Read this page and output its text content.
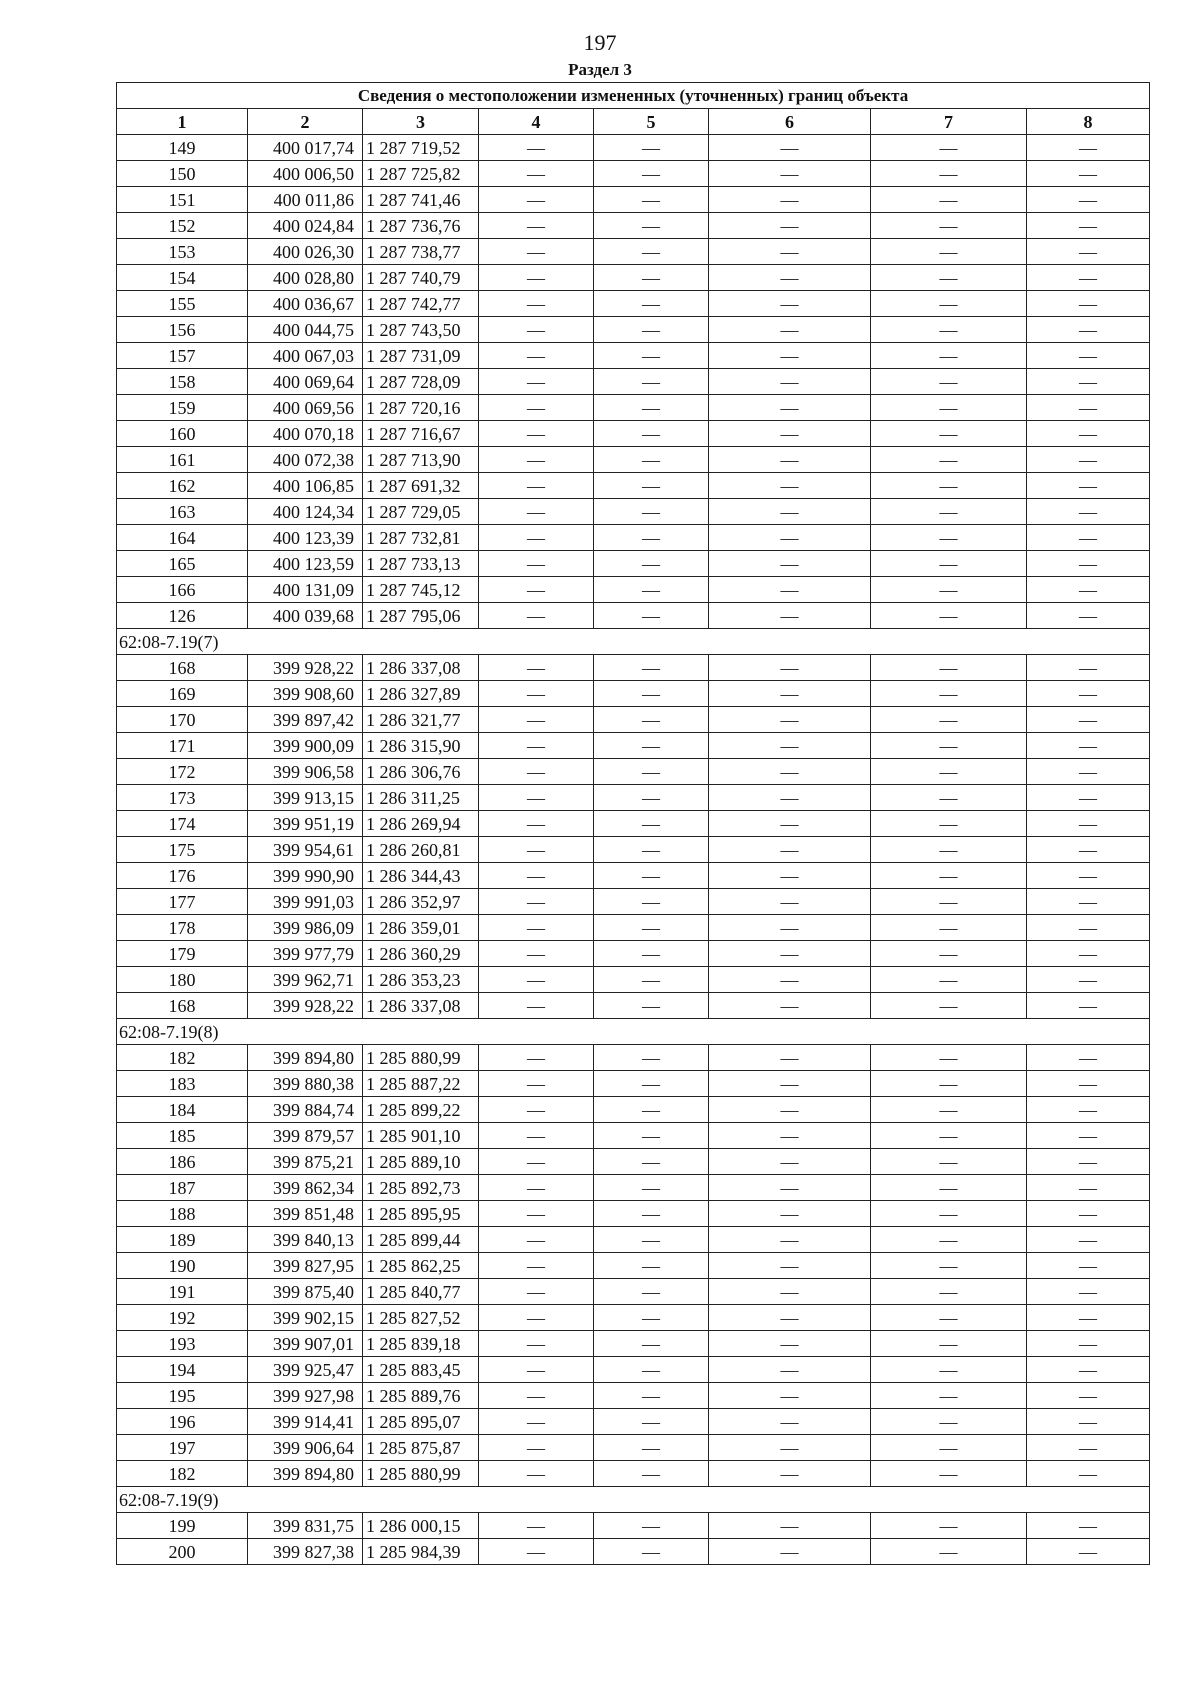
197
Раздел 3
Сведения о местоположении измененных (уточненных) границ объекта							
1	2	3	4	5	6	7	8
149	400 017,74	1 287 719,52	—	—	—	—	—
150	400 006,50	1 287 725,82	—	—	—	—	—
151	400 011,86	1 287 741,46	—	—	—	—	—
152	400 024,84	1 287 736,76	—	—	—	—	—
153	400 026,30	1 287 738,77	—	—	—	—	—
154	400 028,80	1 287 740,79	—	—	—	—	—
155	400 036,67	1 287 742,77	—	—	—	—	—
156	400 044,75	1 287 743,50	—	—	—	—	—
157	400 067,03	1 287 731,09	—	—	—	—	—
158	400 069,64	1 287 728,09	—	—	—	—	—
159	400 069,56	1 287 720,16	—	—	—	—	—
160	400 070,18	1 287 716,67	—	—	—	—	—
161	400 072,38	1 287 713,90	—	—	—	—	—
162	400 106,85	1 287 691,32	—	—	—	—	—
163	400 124,34	1 287 729,05	—	—	—	—	—
164	400 123,39	1 287 732,81	—	—	—	—	—
165	400 123,59	1 287 733,13	—	—	—	—	—
166	400 131,09	1 287 745,12	—	—	—	—	—
126	400 039,68	1 287 795,06	—	—	—	—	—
62:08-7.19(7)							
168	399 928,22	1 286 337,08	—	—	—	—	—
169	399 908,60	1 286 327,89	—	—	—	—	—
170	399 897,42	1 286 321,77	—	—	—	—	—
171	399 900,09	1 286 315,90	—	—	—	—	—
172	399 906,58	1 286 306,76	—	—	—	—	—
173	399 913,15	1 286 311,25	—	—	—	—	—
174	399 951,19	1 286 269,94	—	—	—	—	—
175	399 954,61	1 286 260,81	—	—	—	—	—
176	399 990,90	1 286 344,43	—	—	—	—	—
177	399 991,03	1 286 352,97	—	—	—	—	—
178	399 986,09	1 286 359,01	—	—	—	—	—
179	399 977,79	1 286 360,29	—	—	—	—	—
180	399 962,71	1 286 353,23	—	—	—	—	—
168	399 928,22	1 286 337,08	—	—	—	—	—
62:08-7.19(8)							
182	399 894,80	1 285 880,99	—	—	—	—	—
183	399 880,38	1 285 887,22	—	—	—	—	—
184	399 884,74	1 285 899,22	—	—	—	—	—
185	399 879,57	1 285 901,10	—	—	—	—	—
186	399 875,21	1 285 889,10	—	—	—	—	—
187	399 862,34	1 285 892,73	—	—	—	—	—
188	399 851,48	1 285 895,95	—	—	—	—	—
189	399 840,13	1 285 899,44	—	—	—	—	—
190	399 827,95	1 285 862,25	—	—	—	—	—
191	399 875,40	1 285 840,77	—	—	—	—	—
192	399 902,15	1 285 827,52	—	—	—	—	—
193	399 907,01	1 285 839,18	—	—	—	—	—
194	399 925,47	1 285 883,45	—	—	—	—	—
195	399 927,98	1 285 889,76	—	—	—	—	—
196	399 914,41	1 285 895,07	—	—	—	—	—
197	399 906,64	1 285 875,87	—	—	—	—	—
182	399 894,80	1 285 880,99	—	—	—	—	—
62:08-7.19(9)							
199	399 831,75	1 286 000,15	—	—	—	—	—
200	399 827,38	1 285 984,39	—	—	—	—	—
